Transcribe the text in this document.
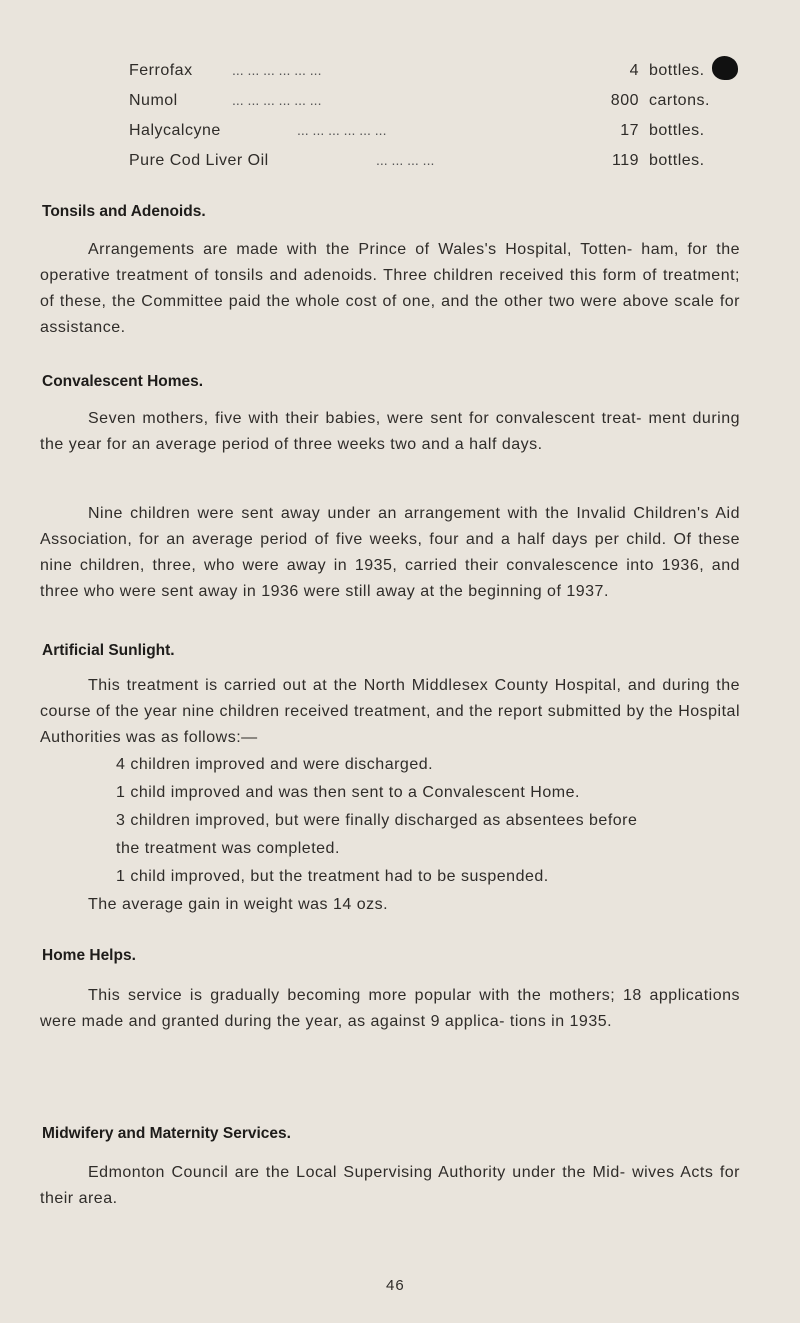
Ferrofax	... ... ... ... ... ...	4 bottles.
Numol	... ... ... ... ... ...	800 cartons.
Halycalcyne	... ... ... ... ... ...	17 bottles.
Pure Cod Liver Oil	... ... ... ...	119 bottles.
Tonsils and Adenoids.

Arrangements are made with the Prince of Wales's Hospital, Totten- ham, for the operative treatment of tonsils and adenoids. Three children received this form of treatment; of these, the Committee paid the whole cost of one, and the other two were above scale for assistance.

Convalescent Homes.

Seven mothers, five with their babies, were sent for convalescent treat- ment during the year for an average period of three weeks two and a half days.

Nine children were sent away under an arrangement with the Invalid Children's Aid Association, for an average period of five weeks, four and a half days per child. Of these nine children, three, who were away in 1935, carried their convalescence into 1936, and three who were sent away in 1936 were still away at the beginning of 1937.

Artificial Sunlight.

This treatment is carried out at the North Middlesex County Hospital, and during the course of the year nine children received treatment, and the report submitted by the Hospital Authorities was as follows:—

4 children improved and were discharged.
1 child improved and was then sent to a Convalescent Home.
3 children improved, but were finally discharged as absentees before
the treatment was completed.
1 child improved, but the treatment had to be suspended.
The average gain in weight was 14 ozs.
Home Helps.

This service is gradually becoming more popular with the mothers; 18 applications were made and granted during the year, as against 9 applica- tions in 1935.

Midwifery and Maternity Services.

Edmonton Council are the Local Supervising Authority under the Mid- wives Acts for their area.

46
